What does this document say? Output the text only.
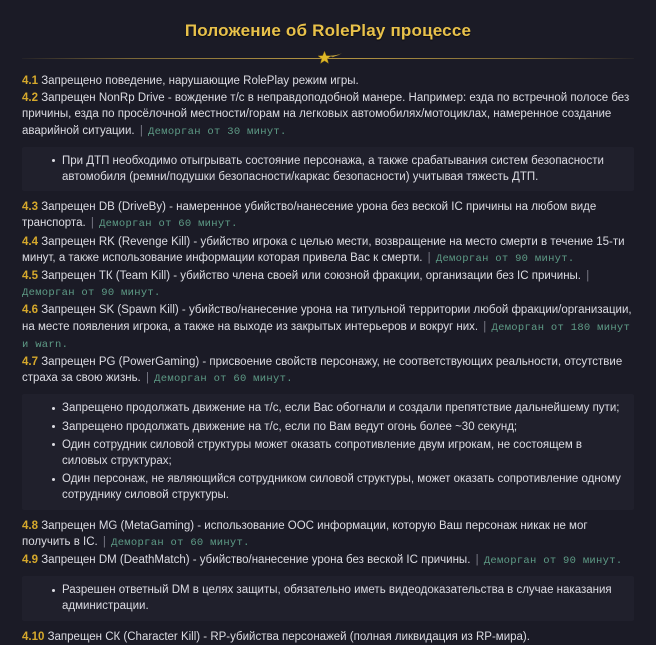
Положение об RolePlay процессе

4.1 Запрещено поведение, нарушающие RolePlay режим игры.

4.2 Запрещен NonRp Drive - вождение т/с в неправдоподобной манере. Например: езда по встречной полосе без причины, езда по просёлочной местности/горам на легковых автомобилях/мотоциклах, намеренное создание аварийной ситуации. | Деморган от 30 минут.

При ДТП необходимо отыгрывать состояние персонажа, а также срабатывания систем безопасности автомобиля (ремни/подушки безопасности/каркас безопасности) учитывая тяжесть ДТП.

4.3 Запрещен DB (DriveBy) - намеренное убийство/нанесение урона без веской IC причины на любом виде транспорта. | Деморган от 60 минут.

4.4 Запрещен RK (Revenge Kill) - убийство игрока с целью мести, возвращение на место смерти в течение 15-ти минут, а также использование информации которая привела Вас к смерти. | Деморган от 90 минут.

4.5 Запрещен ТК (Team Kill) - убийство члена своей или союзной фракции, организации без IC причины. | Деморган от 90 минут.

4.6 Запрещен SK (Spawn Kill) - убийство/нанесение урона на титульной территории любой фракции/организации, на месте появления игрока, а также на выходе из закрытых интерьеров и вокруг них. | Деморган от 180 минут и warn.

4.7 Запрещен PG (PowerGaming) - присвоение свойств персонажу, не соответствующих реальности, отсутствие страха за свою жизнь. | Деморган от 60 минут.

Запрещено продолжать движение на т/с, если Вас обогнали и создали препятствие дальнейшему пути;
Запрещено продолжать движение на т/с, если по Вам ведут огонь более ~30 секунд;
Один сотрудник силовой структуры может оказать сопротивление двум игрокам, не состоящем в силовых структурах;
Один персонаж, не являющийся сотрудником силовой структуры, может оказать сопротивление одному сотруднику силовой структуры.

4.8 Запрещен MG (MetaGaming) - использование ООС информации, которую Ваш персонаж никак не мог получить в IC. | Деморган от 60 минут.

4.9 Запрещен DM (DeathMatch) - убийство/нанесение урона без веской IC причины. | Деморган от 90 минут.

Разрешен ответный DM в целях защиты, обязательно иметь видеодоказательства в случае наказания администрации.

4.10 Запрещен СК (Character Kill) - RP-убийства персонажей (полная ликвидация из RP-мира).
